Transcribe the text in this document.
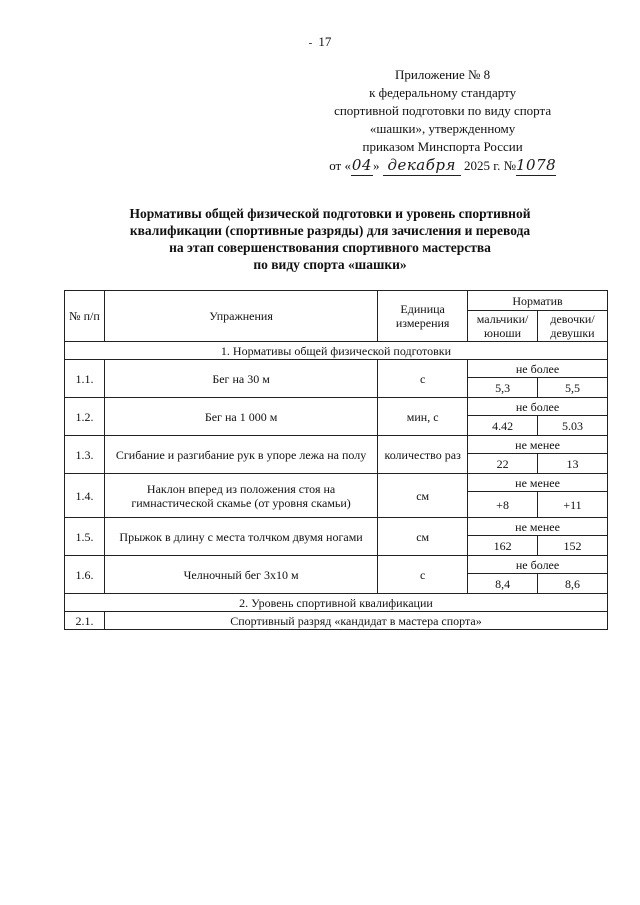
- 17
Приложение № 8
к федеральному стандарту
спортивной подготовки по виду спорта
«шашки», утвержденному
приказом Минспорта России
от «04» декабря 2025 г. №1078
Нормативы общей физической подготовки и уровень спортивной
квалификации (спортивные разряды) для зачисления и перевода
на этап совершенствования спортивного мастерства
по виду спорта «шашки»
№ п/п	Упражнения	Единица измерения	Норматив	
			мальчики/ юноши	девочки/ девушки
1. Нормативы общей физической подготовки				
1.1.	Бег на 30 м	с	не более	
			5,3	5,5
1.2.	Бег на 1 000 м	мин, с	не более	
			4.42	5.03
1.3.	Сгибание и разгибание рук в упоре лежа на полу	количество раз	не менее	
			22	13
1.4.	Наклон вперед из положения стоя на гимнастической скамье (от уровня скамьи)	см	не менее	
			+8	+11
1.5.	Прыжок в длину с места толчком двумя ногами	см	не менее	
			162	152
1.6.	Челночный бег 3х10 м	с	не более	
			8,4	8,6
2. Уровень спортивной квалификации				
2.1.	Спортивный разряд «кандидат в мастера спорта»			
